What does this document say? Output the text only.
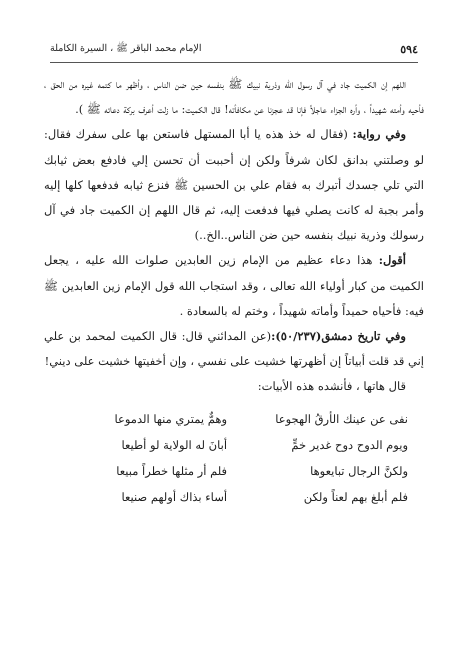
٥٩٤
الإمام محمد الباقر ﷺ ، السيرة الكاملة

اللهم إن الكميت جاد في آل رسول الله وذرية نبيك ﷺ بنفسه حين ضن الناس ، وأظهر ما كتمه غيره من الحق ، فأحيه وأمته شهيداً ، وأره الجزاء عاجلاً فإنا قد عجزنا عن مكافأته! قال الكميت: ما زلت أعرف بركة دعائه ﷺ ).

وفي رواية: (فقال له خذ هذه يا أبا المستهل فاستعن بها على سفرك فقال: لو وصلتني بدانق لكان شرفاً ولكن إن أحببت أن تحسن إلي فادفع بعض ثيابك التي تلي جسدك أتبرك به فقام علي بن الحسين ﷺ فنزع ثيابه فدفعها كلها إليه وأمر بجبة له كانت يصلي فيها فدفعت إليه، ثم قال اللهم إن الكميت جاد في آل رسولك وذرية نبيك بنفسه حين ضن الناس..الخ..)

أقول: هذا دعاء عظيم من الإمام زين العابدين صلوات الله عليه ، يجعل الكميت من كبار أولياء الله تعالى ، وقد استجاب الله قول الإمام زين العابدين ﷺ فيه: فأحياه حميداً وأماته شهيداً ، وختم له بالسعادة .

وفي تاريخ دمشق(٥٠/٢٣٧):(عن المدائني قال: قال الكميت لمحمد بن علي إني قد قلت أبياتاً إن أظهرتها خشيت على نفسي ، وإن أخفيتها خشيت على ديني!

قال هاتها ، فأنشده هذه الأبيات:

نفى عن عينك الأرقُ الهجوعا
وهمٌّ يمتري منها الدموعا
ويوم الدوح دوح غدير خمٍّ
أبانَ له الولاية لو أطيعا
ولكنَّ الرجال تبايعوها
فلم أر مثلها خطراً مبيعا
فلم أبلغ بهم لعناً ولكن
أساء بذاك أولهم صنيعا
